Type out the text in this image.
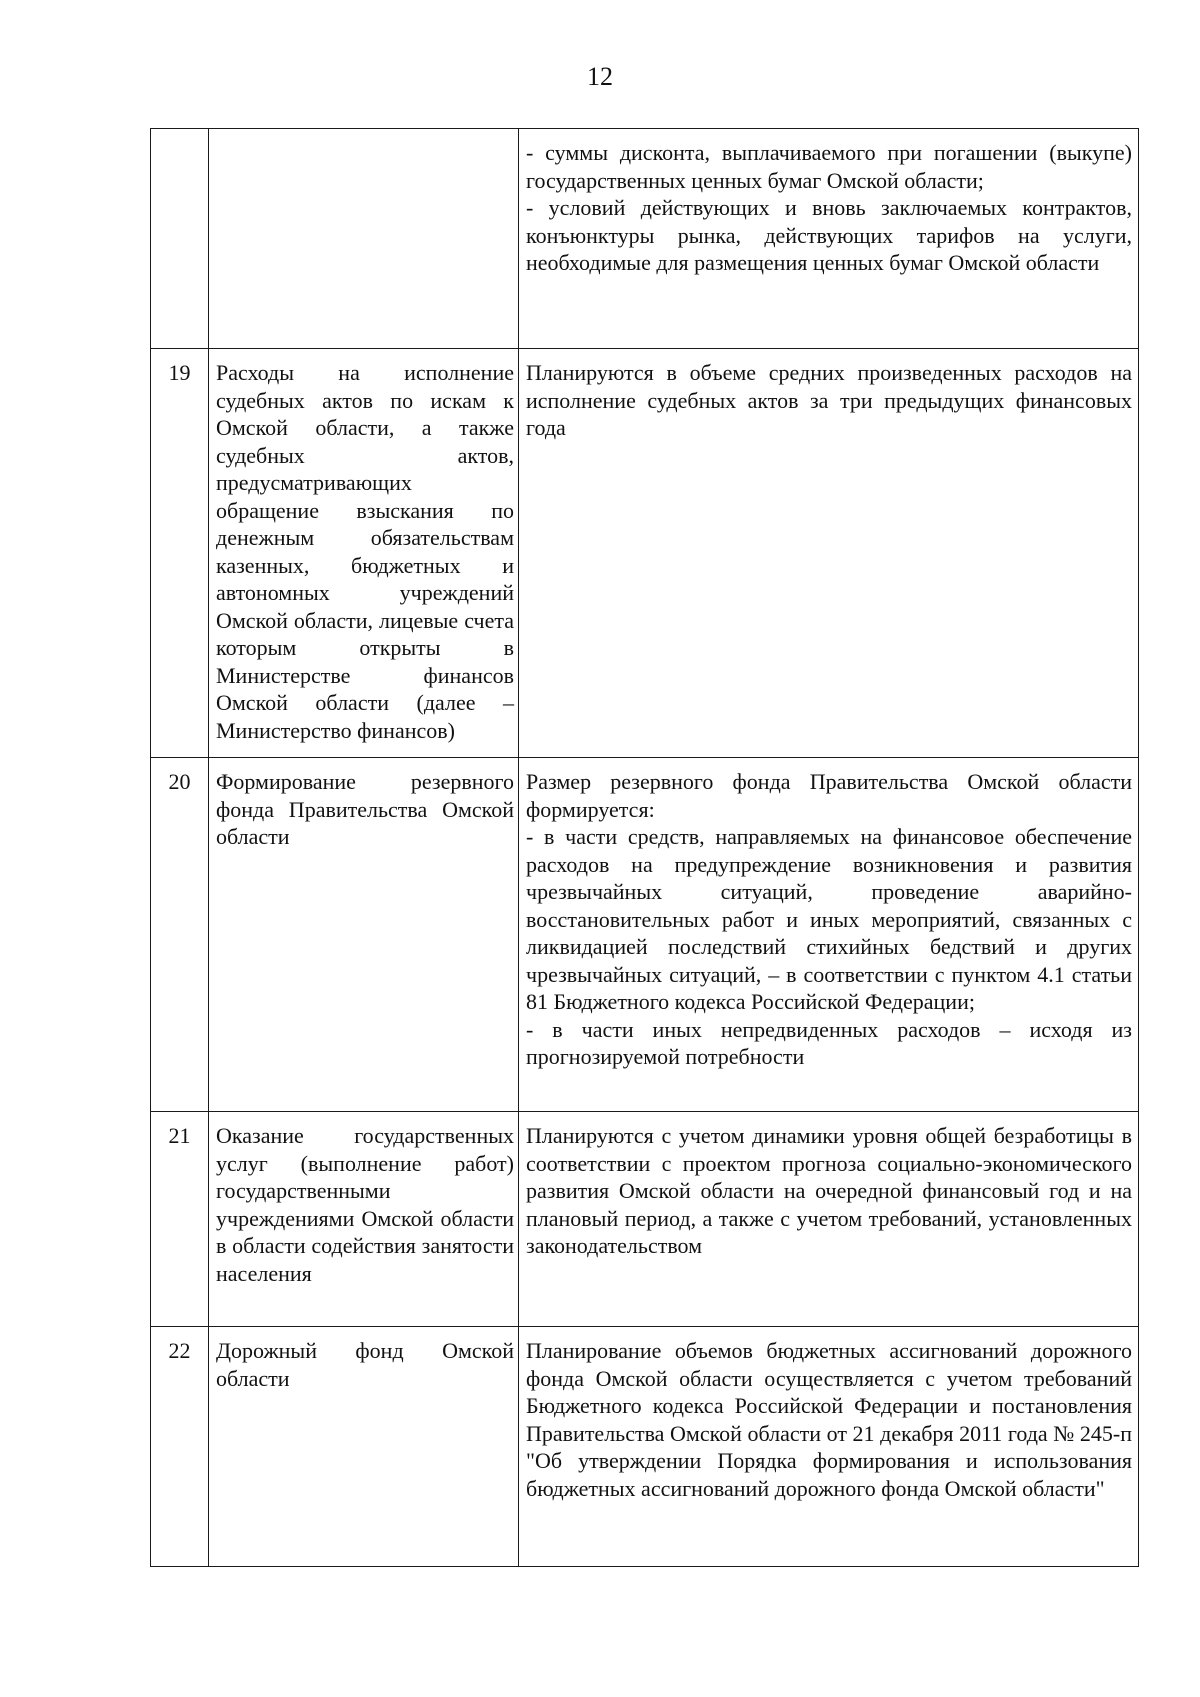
12

		- суммы дисконта, выплачиваемого при погашении (выкупе) государственных ценных бумаг Омской области;
- условий действующих и вновь заключаемых контрактов, конъюнктуры рынка, действующих тарифов на услуги, необходимые для размещения ценных бумаг Омской области

19	Расходы на исполнение судебных актов по искам к Омской области, а также судебных актов, предусматривающих обращение взыскания по денежным обязательствам казенных, бюджетных и автономных учреждений Омской области, лицевые счета которым открыты в Министерстве финансов Омской области (далее – Министерство финансов)	Планируются в объеме средних произведенных расходов на исполнение судебных актов за три предыдущих финансовых года

20	Формирование резервного фонда Правительства Омской области	Размер резервного фонда Правительства Омской области формируется:
- в части средств, направляемых на финансовое обеспечение расходов на предупреждение возникновения и развития чрезвычайных ситуаций, проведение аварийно-восстановительных работ и иных мероприятий, связанных с ликвидацией последствий стихийных бедствий и других чрезвычайных ситуаций, – в соответствии с пунктом 4.1 статьи 81 Бюджетного кодекса Российской Федерации;
- в части иных непредвиденных расходов – исходя из прогнозируемой потребности

21	Оказание государственных услуг (выполнение работ) государственными учреждениями Омской области в области содействия занятости населения	Планируются с учетом динамики уровня общей безработицы в соответствии с проектом прогноза социально-экономического развития Омской области на очередной финансовый год и на плановый период, а также с учетом требований, установленных законодательством

22	Дорожный фонд Омской области	Планирование объемов бюджетных ассигнований дорожного фонда Омской области осуществляется с учетом требований Бюджетного кодекса Российской Федерации и постановления Правительства Омской области от 21 декабря 2011 года № 245-п "Об утверждении Порядка формирования и использования бюджетных ассигнований дорожного фонда Омской области"
